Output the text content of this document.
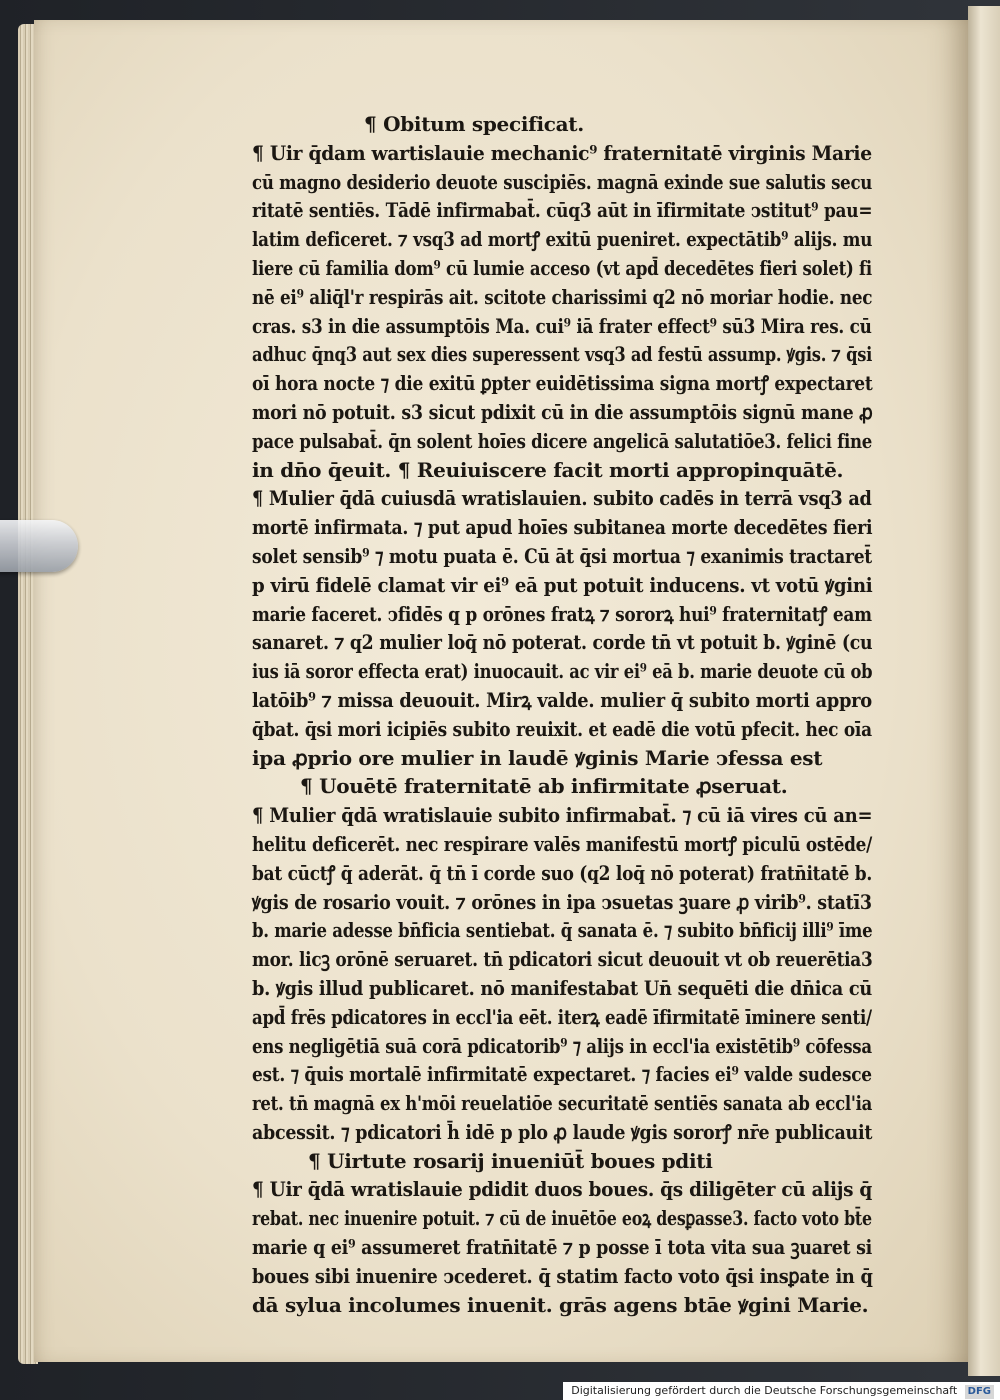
¶ Obitum specificat.
¶ Uir q̄dam wartislauie mechanic⁹ fraternitatē virginis Marie
cū magno desiderio deuote suscipiēs. magnā exinde sue salutis secu
ritatē sentiēs. Tādē infirmabat̄. cūq3 aūt in īfirmitate ↄstitut⁹ pau=
latim deficeret. ⁊ vsq3 ad mortꝭ exitū pueniret. expectātib⁹ alijs. mu
liere cū familia dom⁹ cū lumie acceso (vt apd̄ decedētes fieri solet) fi
nē ei⁹ aliq̄l'r respirās ait. scitote charissimi q2 nō moriar hodie. nec
cras. s3 in die assumptōis Ma. cui⁹ iā frater effect⁹ sū3 Mira res. cū
adhuc q̄nq3 aut sex dies superessent vsq3 ad festū assump. ꝟgis. ⁊ q̄si
oī hora nocte ⁊ die exitū ꝑpter euidētissima signa mortꝭ expectaret
mori nō potuit. s3 sicut pdixit cū in die assumptōis signū mane ꝓ
pace pulsabat̄. q̄n solent hoīes dicere angelicā salutatiōe3. felici fine
in dn̄o q̄euit. ¶ Reuiuiscere facit morti appropinquātē.
¶ Mulier q̄dā cuiusdā wratislauien. subito cadēs in terrā vsq3 ad
mortē infirmata. ⁊ put apud hoīes subitanea morte decedētes fieri
solet sensib⁹ ⁊ motu puata ē. Cū āt q̄si mortua ⁊ exanimis tractaret̄
p virū fidelē clamat vir ei⁹ eā put potuit inducens. vt votū ꝟgini
marie faceret. ↄfidēs q p orōnes fratꝝ ⁊ sororꝝ hui⁹ fraternitatꝭ eam
sanaret. ⁊ q2 mulier loq̄ nō poterat. corde tn̄ vt potuit b. ꝟginē (cu
ius iā soror effecta erat) inuocauit. ac vir ei⁹ eā b. marie deuote cū ob
latōib⁹ ⁊ missa deuouit. Mirꝝ valde. mulier q̄ subito morti appro
q̄bat. q̄si mori icipiēs subito reuixit. et eadē die votū pfecit. hec oīa
ipa ꝓprio ore mulier in laudē ꝟginis Marie ↄfessa est
¶ Uouētē fraternitatē ab infirmitate ꝓseruat.
¶ Mulier q̄dā wratislauie subito infirmabat̄. ⁊ cū iā vires cū an=
helitu deficerēt. nec respirare valēs manifestū mortꝭ piculū ostēde/
bat cūctꝭ q̄ aderāt. q̄ tn̄ ī corde suo (q2 loq̄ nō poterat) fratn̄itatē b.
ꝟgis de rosario vouit. ⁊ orōnes in ipa ↄsuetas ꝫuare ꝓ virib⁹. statī3
b. marie adesse bn̄ficia sentiebat. q̄ sanata ē. ⁊ subito bn̄ficij illi⁹ īme
mor. licꝫ orōnē seruaret. tn̄ pdicatori sicut deuouit vt ob reuerētia3
b. ꝟgis illud publicaret. nō manifestabat Un̄ sequēti die dn̄ica cū
apd̄ frēs pdicatores in eccl'ia eēt. iterꝝ eadē īfirmitatē īminere senti/
ens negligētiā suā corā pdicatorib⁹ ⁊ alijs in eccl'ia existētib⁹ cōfessa
est. ⁊ q̄uis mortalē infirmitatē expectaret. ⁊ facies ei⁹ valde sudesce
ret. tn̄ magnā ex h'mōi reuelatiōe securitatē sentiēs sanata ab eccl'ia
abcessit. ⁊ pdicatori h̄ idē p plo ꝓ laude ꝟgis sororꝭ nr̄e publicauit
¶ Uirtute rosarij inueniūt̄ boues pditi
¶ Uir q̄dā wratislauie pdidit duos boues. q̄s diligēter cū alijs q̄
rebat. nec inuenire potuit. ⁊ cū de inuētōe eoꝝ desꝑasse3. facto voto bt̄e
marie q ei⁹ assumeret fratn̄itatē ⁊ p posse ī tota vita sua ꝫuaret si
boues sibi inuenire ↄcederet. q̄ statim facto voto q̄si insꝑate in q̄
dā sylua incolumes inuenit. grās agens btāe ꝟgini Marie.
Digitalisierung gefördert durch die Deutsche Forschungsgemeinschaft DFG
